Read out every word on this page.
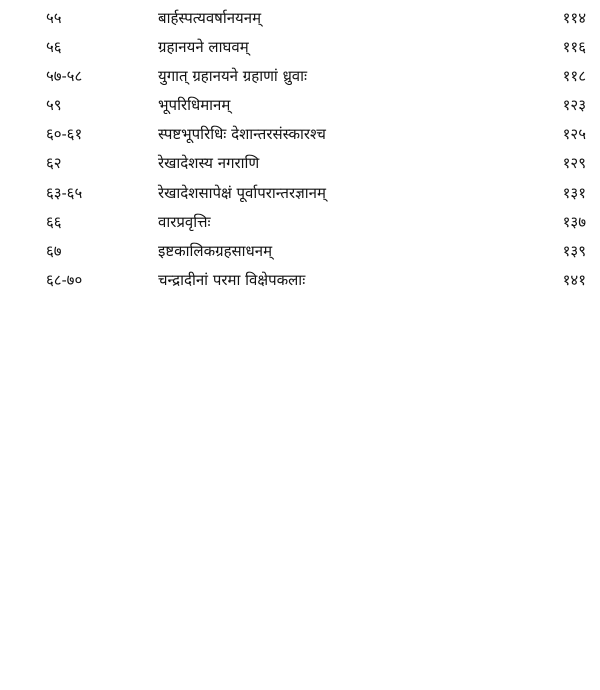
५५	बार्हस्पत्यवर्षानयनम्	११४
५६	ग्रहानयने लाघवम्	११६
५७-५८	युगात् ग्रहानयने ग्रहाणां ध्रुवाः	११८
५९	भूपरिधिमानम्	१२३
६०-६१	स्पष्टभूपरिधिः देशान्तरसंस्कारश्च	१२५
६२	रेखादेशस्य नगराणि	१२९
६३-६५	रेखादेशसापेक्षं पूर्वापरान्तरज्ञानम्	१३१
६६	वारप्रवृत्तिः	१३७
६७	इष्टकालिकग्रहसाधनम्	१३९
६८-७०	चन्द्रादीनां परमा विक्षेपकलाः	१४१
